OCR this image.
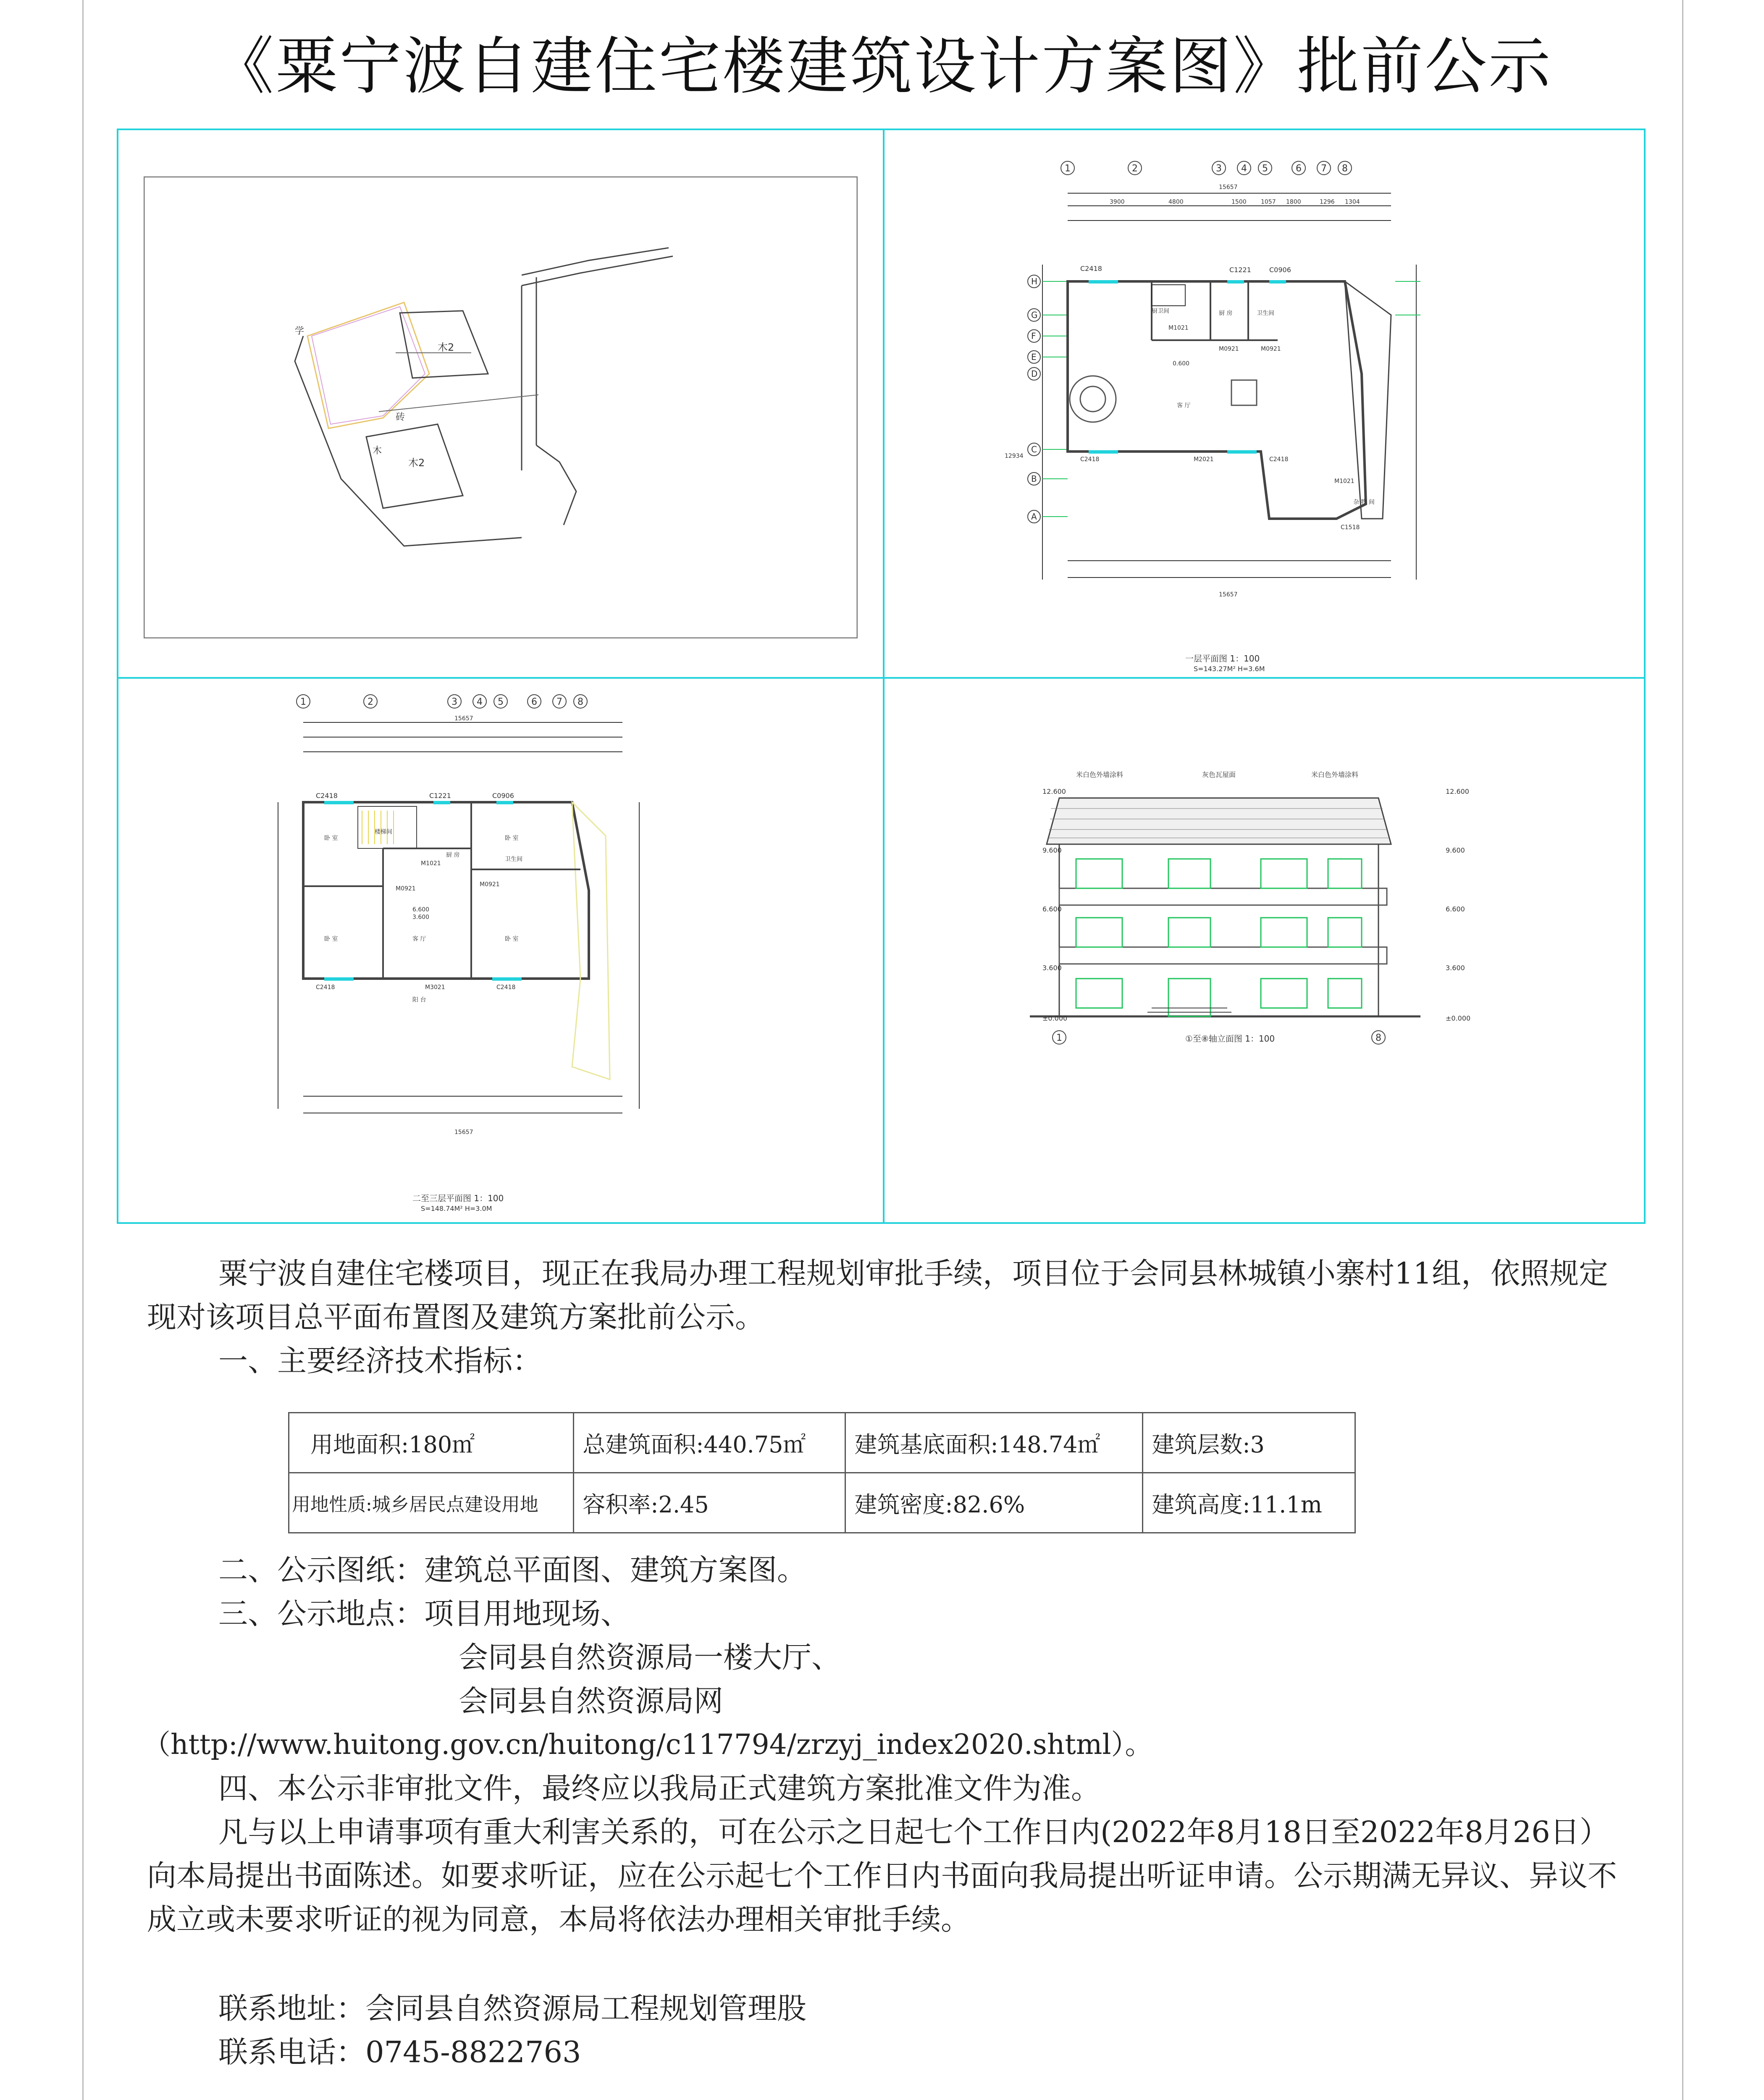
《粟宁波自建住宅楼建筑设计方案图》批前公示
学
木2
木2
木
砖
C2418	C1221	C0906
M1021
M0921	M0921
M2021
C2418	C2418
M1021
C1518
厨卫间	厨 房	卫生间
客 厅
杂 物 间
0.600
15657
15657
3900	4800	1500 1057 1800	1296 1304
12934
1	2	3 4 5	6 7 8
H
G
F
E
D
C
B
A
一层平面图 1：100
S=143.27M² H=3.6M
C2418	C1221	C0906
M1021
M0921
M0921
M3021
C2418	C2418
卧 室
卧 室
卧 室
客 厅	卧 室
楼梯间
厨 房
卫生间
阳 台
6.600
3.600
15657
15657
1	2	3 4 5	6 7 8
二至三层平面图 1：100
S=148.74M² H=3.0M
12.600	12.600
9.600	9.600
6.600	6.600
3.600	3.600
±0.000	±0.000
米白色外墙涂料	灰色瓦屋面	米白色外墙涂料
1	8
①至⑧轴立面图 1：100
粟宁波自建住宅楼项目，现正在我局办理工程规划审批手续，项目位于会同县林城镇小寨村11组，依照规定现对该项目总平面布置图及建筑方案批前公示。
一、主要经济技术指标：
用地面积:180㎡	总建筑面积:440.75㎡	建筑基底面积:148.74㎡	建筑层数:3
用地性质:城乡居民点建设用地	容积率:2.45	建筑密度:82.6%	建筑高度:11.1m
二、公示图纸：建筑总平面图、建筑方案图。
三、公示地点：项目用地现场、
会同县自然资源局一楼大厅、
会同县自然资源局网
（http://www.huitong.gov.cn/huitong/c117794/zrzyj_index2020.shtml）。
四、本公示非审批文件，最终应以我局正式建筑方案批准文件为准。
凡与以上申请事项有重大利害关系的，可在公示之日起七个工作日内(2022年8月18日至2022年8月26日）向本局提出书面陈述。如要求听证，应在公示起七个工作日内书面向我局提出听证申请。公示期满无异议、异议不成立或未要求听证的视为同意，本局将依法办理相关审批手续。
联系地址：会同县自然资源局工程规划管理股
联系电话：0745-8822763
